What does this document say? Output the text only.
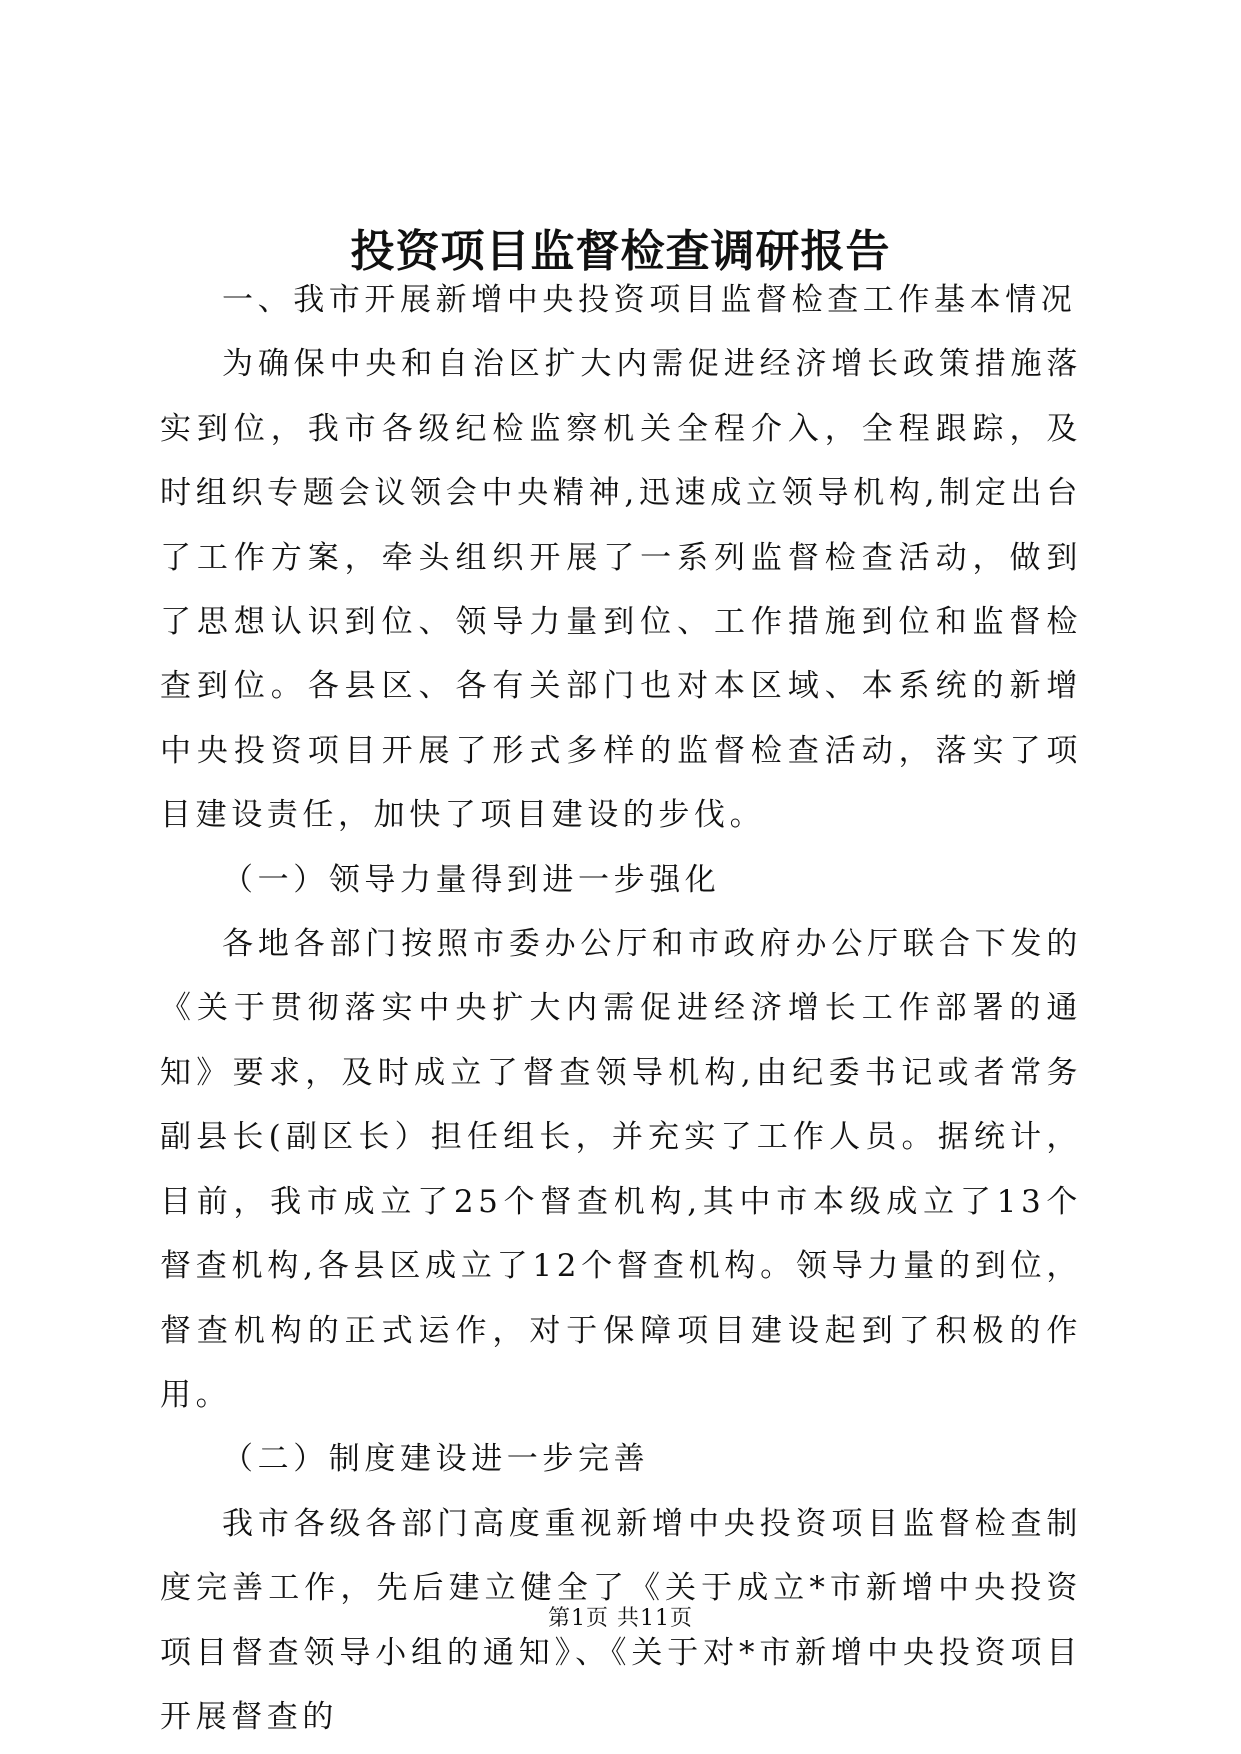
投资项目监督检查调研报告

一、我市开展新增中央投资项目监督检查工作基本情况

为确保中央和自治区扩大内需促进经济增长政策措施落实到位，我市各级纪检监察机关全程介入，全程跟踪，及时组织专题会议领会中央精神,迅速成立领导机构,制定出台了工作方案，牵头组织开展了一系列监督检查活动，做到了思想认识到位、领导力量到位、工作措施到位和监督检查到位。各县区、各有关部门也对本区域、本系统的新增中央投资项目开展了形式多样的监督检查活动，落实了项目建设责任，加快了项目建设的步伐。

（一）领导力量得到进一步强化

各地各部门按照市委办公厅和市政府办公厅联合下发的《关于贯彻落实中央扩大内需促进经济增长工作部署的通知》要求，及时成立了督查领导机构,由纪委书记或者常务副县长(副区长）担任组长，并充实了工作人员。据统计，目前，我市成立了25个督查机构,其中市本级成立了13个督查机构,各县区成立了12个督查机构。领导力量的到位，督查机构的正式运作，对于保障项目建设起到了积极的作用。

（二）制度建设进一步完善

我市各级各部门高度重视新增中央投资项目监督检查制度完善工作，先后建立健全了《关于成立*市新增中央投资项目督查领导小组的通知》、《关于对*市新增中央投资项目开展督查的

第1页 共11页
